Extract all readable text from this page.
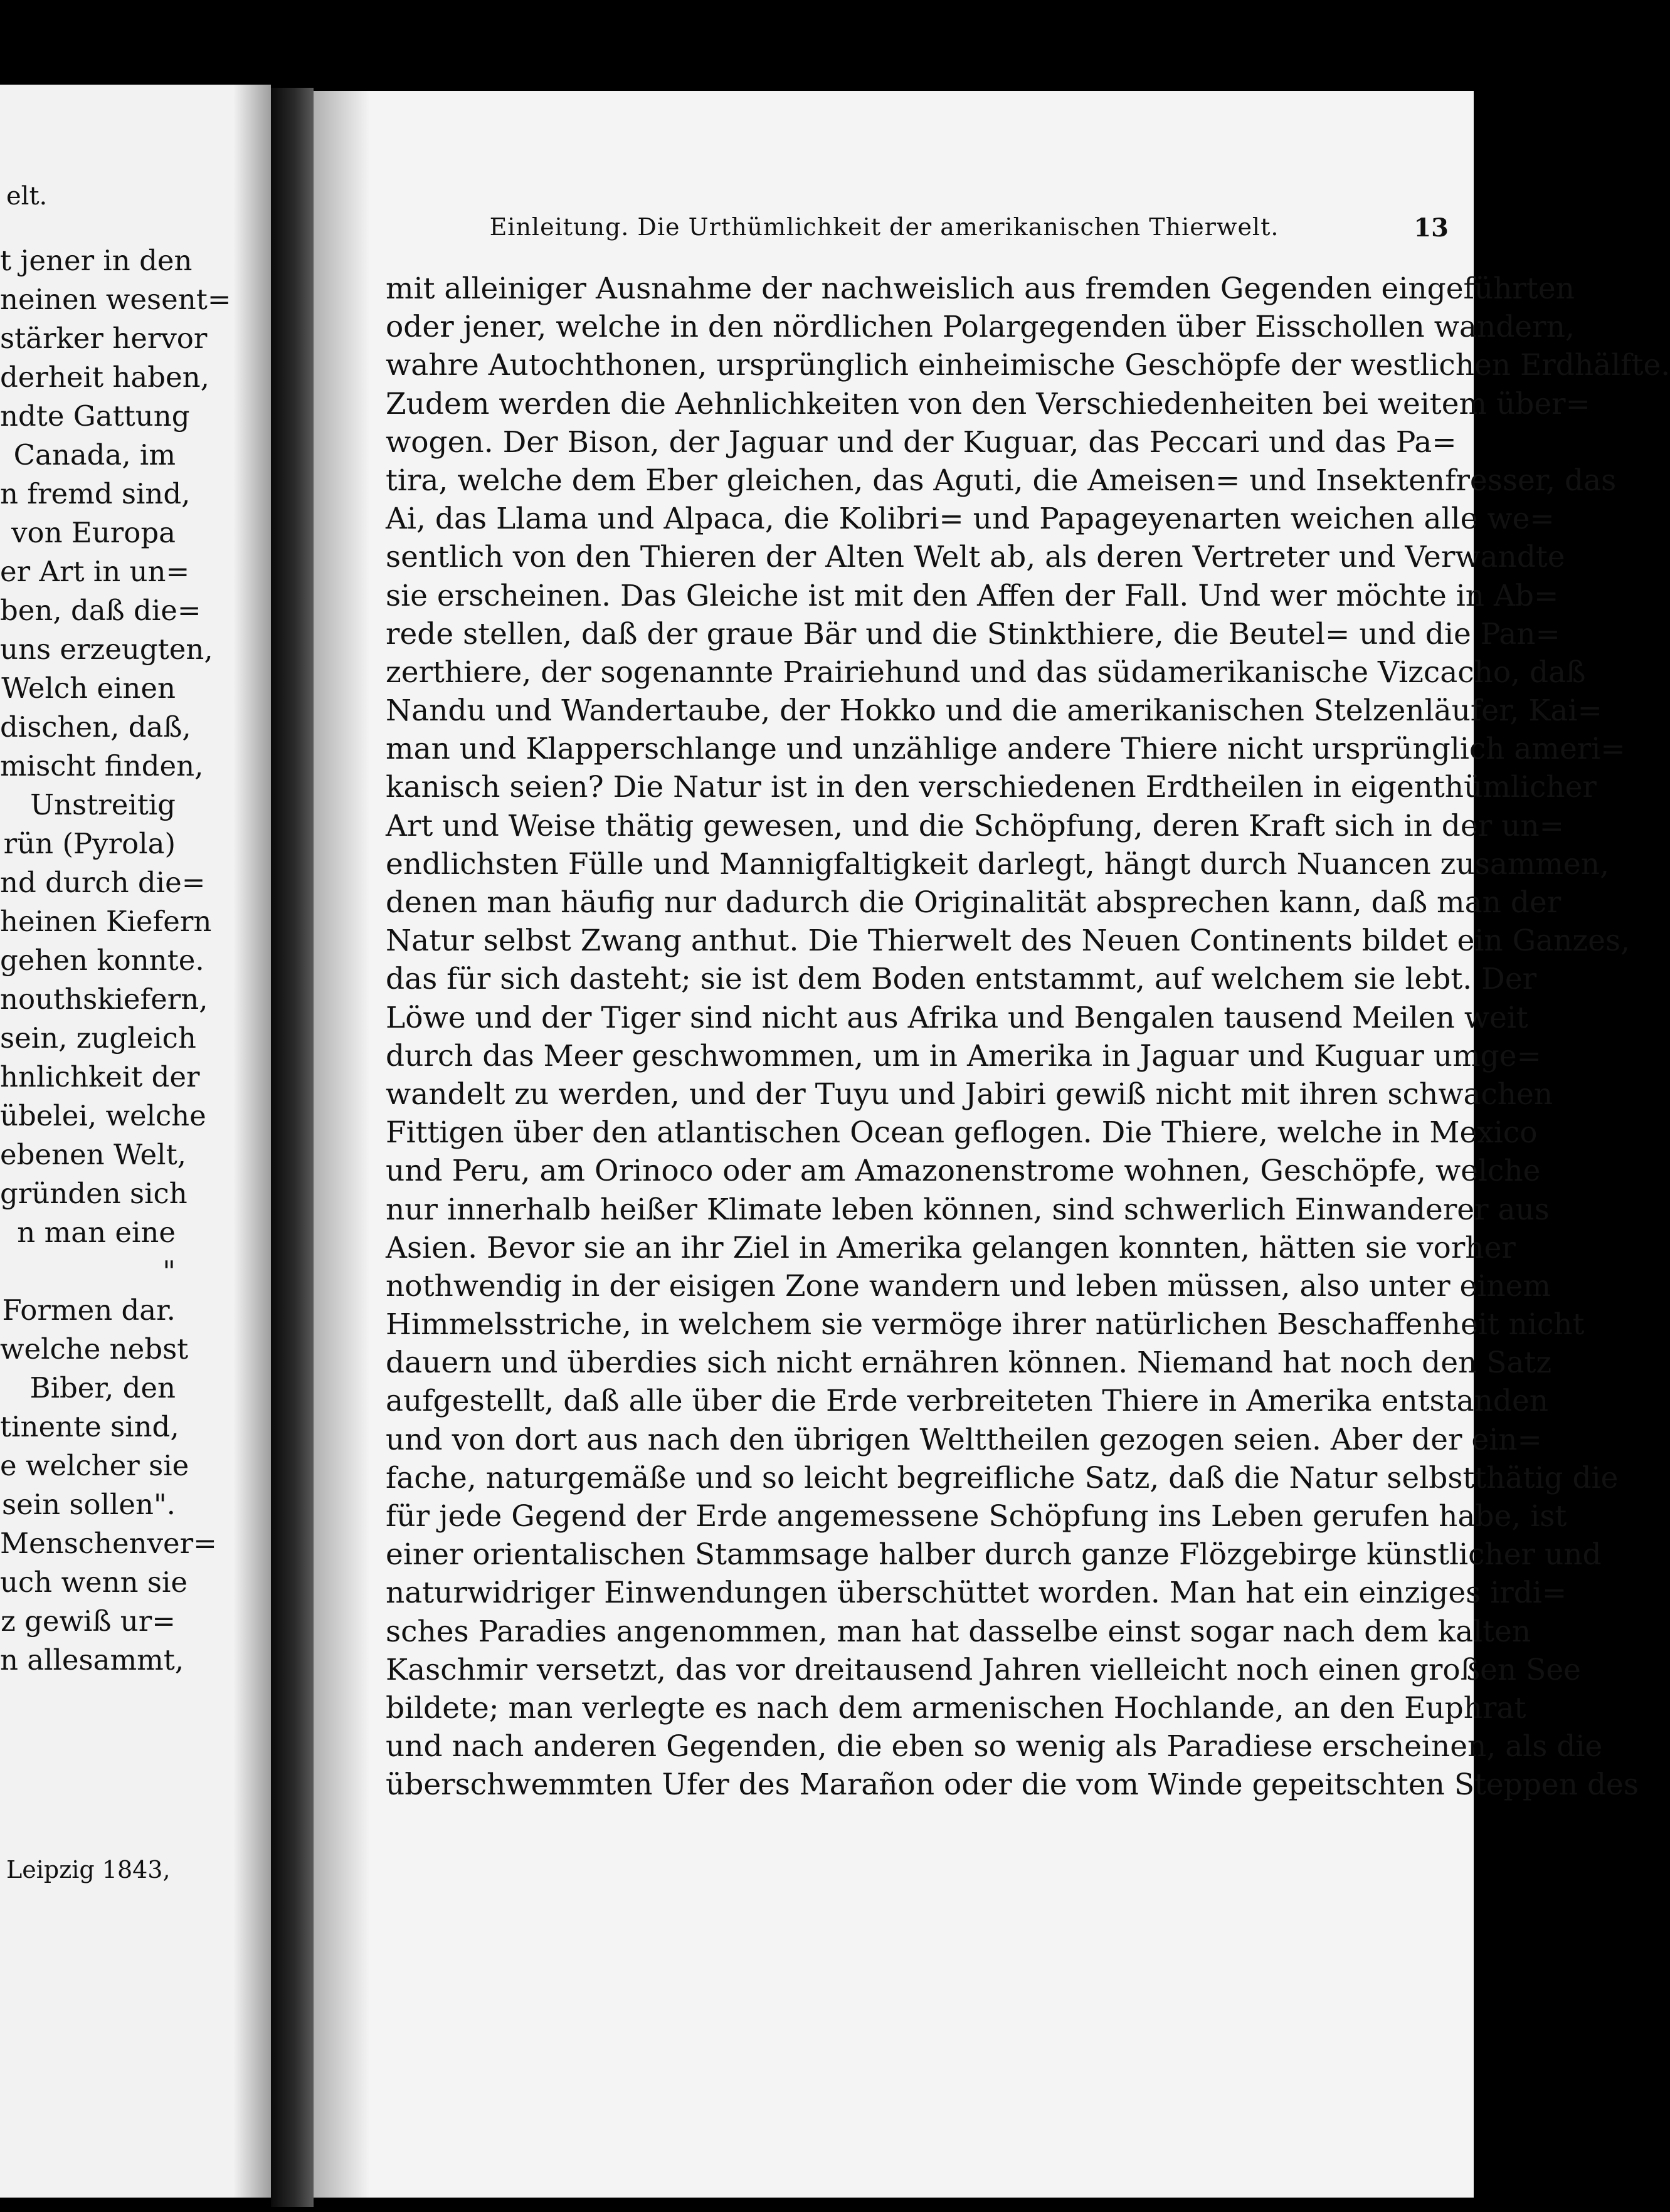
elt.
t jener in den
neinen wesent=
stärker hervor
derheit haben,
ndte Gattung
Canada, im
n fremd sind,
von Europa
er Art in un=
ben, daß die=
uns erzeugten,
Welch einen
dischen, daß,
mischt finden,
Unstreitig
rün (Pyrola)
nd durch die=
heinen Kiefern
gehen konnte.
nouthskiefern,
sein, zugleich
hnlichkeit der
übelei, welche
ebenen Welt,
gründen sich
n man eine
"
Formen dar.
welche nebst
Biber, den
tinente sind,
e welcher sie
sein sollen".
Menschenver=
uch wenn sie
z gewiß ur=
n allesammt,
Leipzig 1843,
Einleitung. Die Urthümlichkeit der amerikanischen Thierwelt.	13
mit alleiniger Ausnahme der nachweislich aus fremden Gegenden eingeführten
oder jener, welche in den nördlichen Polargegenden über Eisschollen wandern,
wahre Autochthonen, ursprünglich einheimische Geschöpfe der westlichen Erdhälfte.
Zudem werden die Aehnlichkeiten von den Verschiedenheiten bei weitem über=
wogen. Der Bison, der Jaguar und der Kuguar, das Peccari und das Pa=
tira, welche dem Eber gleichen, das Aguti, die Ameisen= und Insektenfresser, das
Ai, das Llama und Alpaca, die Kolibri= und Papageyenarten weichen alle we=
sentlich von den Thieren der Alten Welt ab, als deren Vertreter und Verwandte
sie erscheinen. Das Gleiche ist mit den Affen der Fall. Und wer möchte in Ab=
rede stellen, daß der graue Bär und die Stinkthiere, die Beutel= und die Pan=
zerthiere, der sogenannte Prairiehund und das südamerikanische Vizcacho, daß
Nandu und Wandertaube, der Hokko und die amerikanischen Stelzenläufer, Kai=
man und Klapperschlange und unzählige andere Thiere nicht ursprünglich ameri=
kanisch seien? Die Natur ist in den verschiedenen Erdtheilen in eigenthümlicher
Art und Weise thätig gewesen, und die Schöpfung, deren Kraft sich in der un=
endlichsten Fülle und Mannigfaltigkeit darlegt, hängt durch Nuancen zusammen,
denen man häufig nur dadurch die Originalität absprechen kann, daß man der
Natur selbst Zwang anthut. Die Thierwelt des Neuen Continents bildet ein Ganzes,
das für sich dasteht; sie ist dem Boden entstammt, auf welchem sie lebt. Der
Löwe und der Tiger sind nicht aus Afrika und Bengalen tausend Meilen weit
durch das Meer geschwommen, um in Amerika in Jaguar und Kuguar umge=
wandelt zu werden, und der Tuyu und Jabiri gewiß nicht mit ihren schwachen
Fittigen über den atlantischen Ocean geflogen. Die Thiere, welche in Mexico
und Peru, am Orinoco oder am Amazonenstrome wohnen, Geschöpfe, welche
nur innerhalb heißer Klimate leben können, sind schwerlich Einwanderer aus
Asien. Bevor sie an ihr Ziel in Amerika gelangen konnten, hätten sie vorher
nothwendig in der eisigen Zone wandern und leben müssen, also unter einem
Himmelsstriche, in welchem sie vermöge ihrer natürlichen Beschaffenheit nicht
dauern und überdies sich nicht ernähren können. Niemand hat noch den Satz
aufgestellt, daß alle über die Erde verbreiteten Thiere in Amerika entstanden
und von dort aus nach den übrigen Welttheilen gezogen seien. Aber der ein=
fache, naturgemäße und so leicht begreifliche Satz, daß die Natur selbstthätig die
für jede Gegend der Erde angemessene Schöpfung ins Leben gerufen habe, ist
einer orientalischen Stammsage halber durch ganze Flözgebirge künstlicher und
naturwidriger Einwendungen überschüttet worden. Man hat ein einziges irdi=
sches Paradies angenommen, man hat dasselbe einst sogar nach dem kalten
Kaschmir versetzt, das vor dreitausend Jahren vielleicht noch einen großen See
bildete; man verlegte es nach dem armenischen Hochlande, an den Euphrat
und nach anderen Gegenden, die eben so wenig als Paradiese erscheinen, als die
überschwemmten Ufer des Marañon oder die vom Winde gepeitschten Steppen des
